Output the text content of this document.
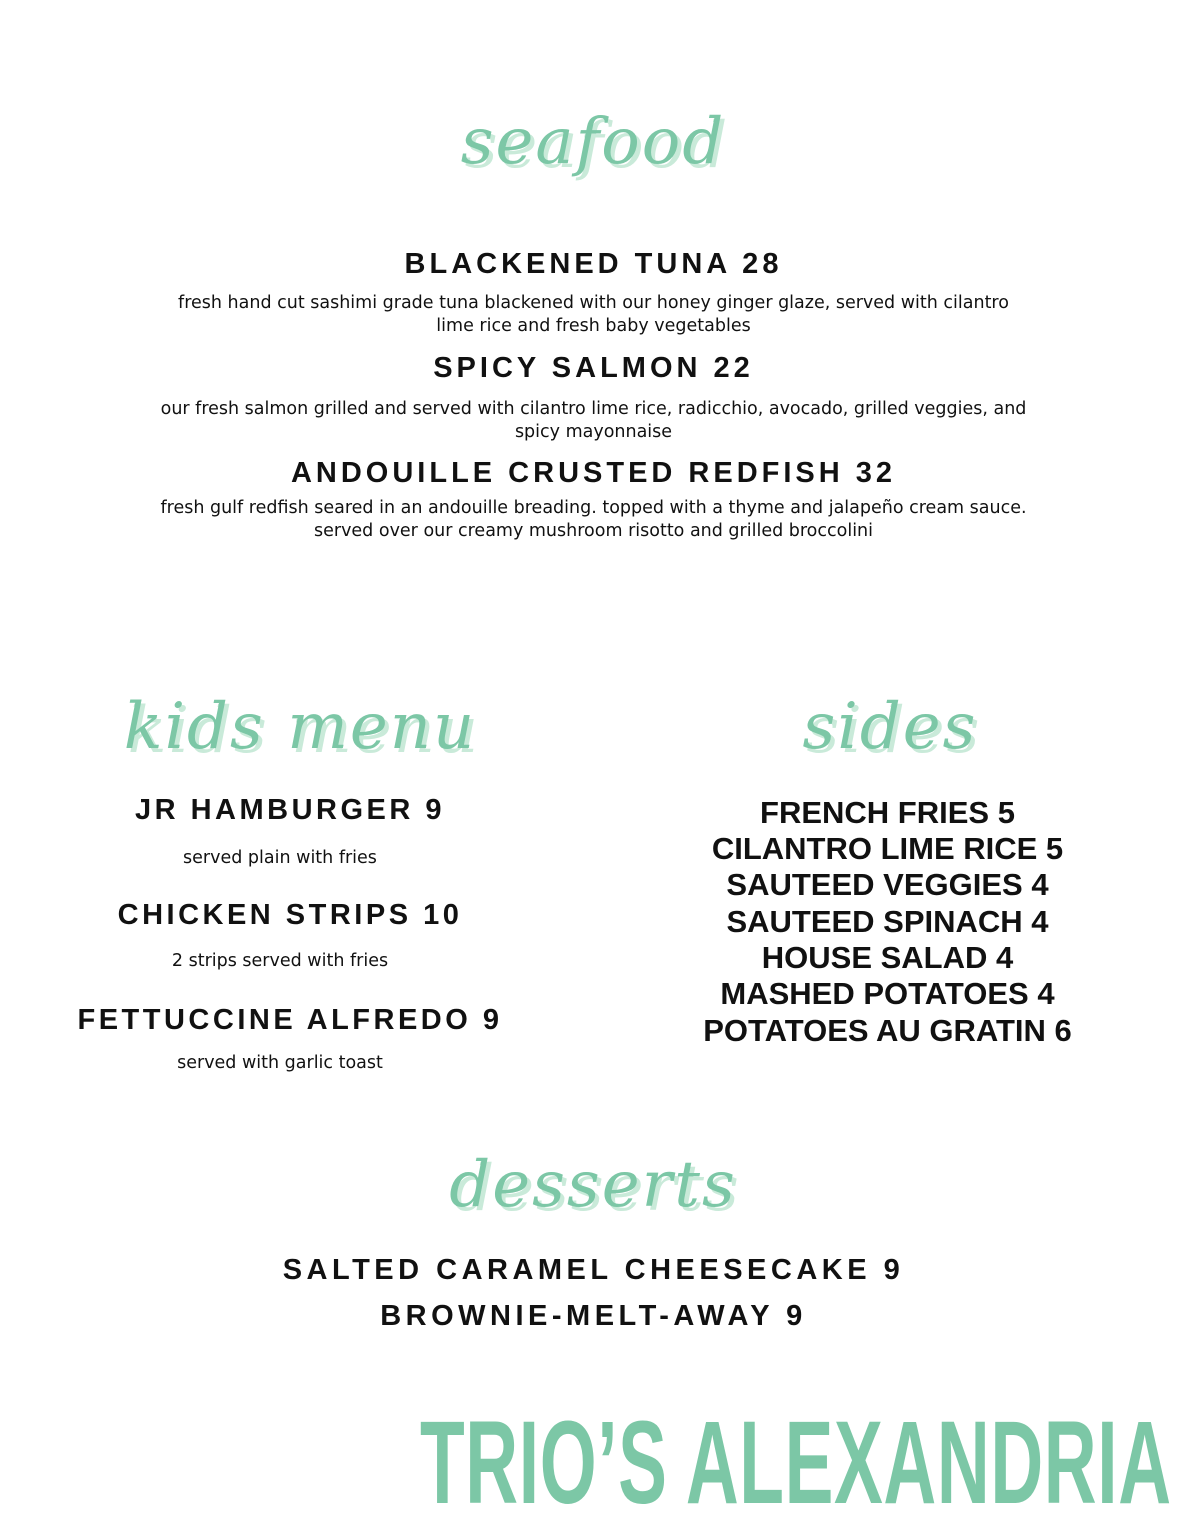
seafood
BLACKENED TUNA 28

fresh hand cut sashimi grade tuna blackened with our honey ginger glaze, served with cilantro lime rice and fresh baby vegetables

SPICY SALMON 22

our fresh salmon grilled and served with cilantro lime rice, radicchio, avocado, grilled veggies, and spicy mayonnaise

ANDOUILLE CRUSTED REDFISH 32

fresh gulf redfish seared in an andouille breading. topped with a thyme and jalapeño cream sauce. served over our creamy mushroom risotto and grilled broccolini

kids menu
JR HAMBURGER 9

served plain with fries

CHICKEN STRIPS 10

2 strips served with fries

FETTUCCINE ALFREDO 9

served with garlic toast

sides
FRENCH FRIES 5
CILANTRO LIME RICE 5
SAUTEED VEGGIES 4
SAUTEED SPINACH 4
HOUSE SALAD 4
MASHED POTATOES 4
POTATOES AU GRATIN 6
desserts
SALTED CARAMEL CHEESECAKE 9
BROWNIE-MELT-AWAY 9
TRIO’S ALEXANDRIA
